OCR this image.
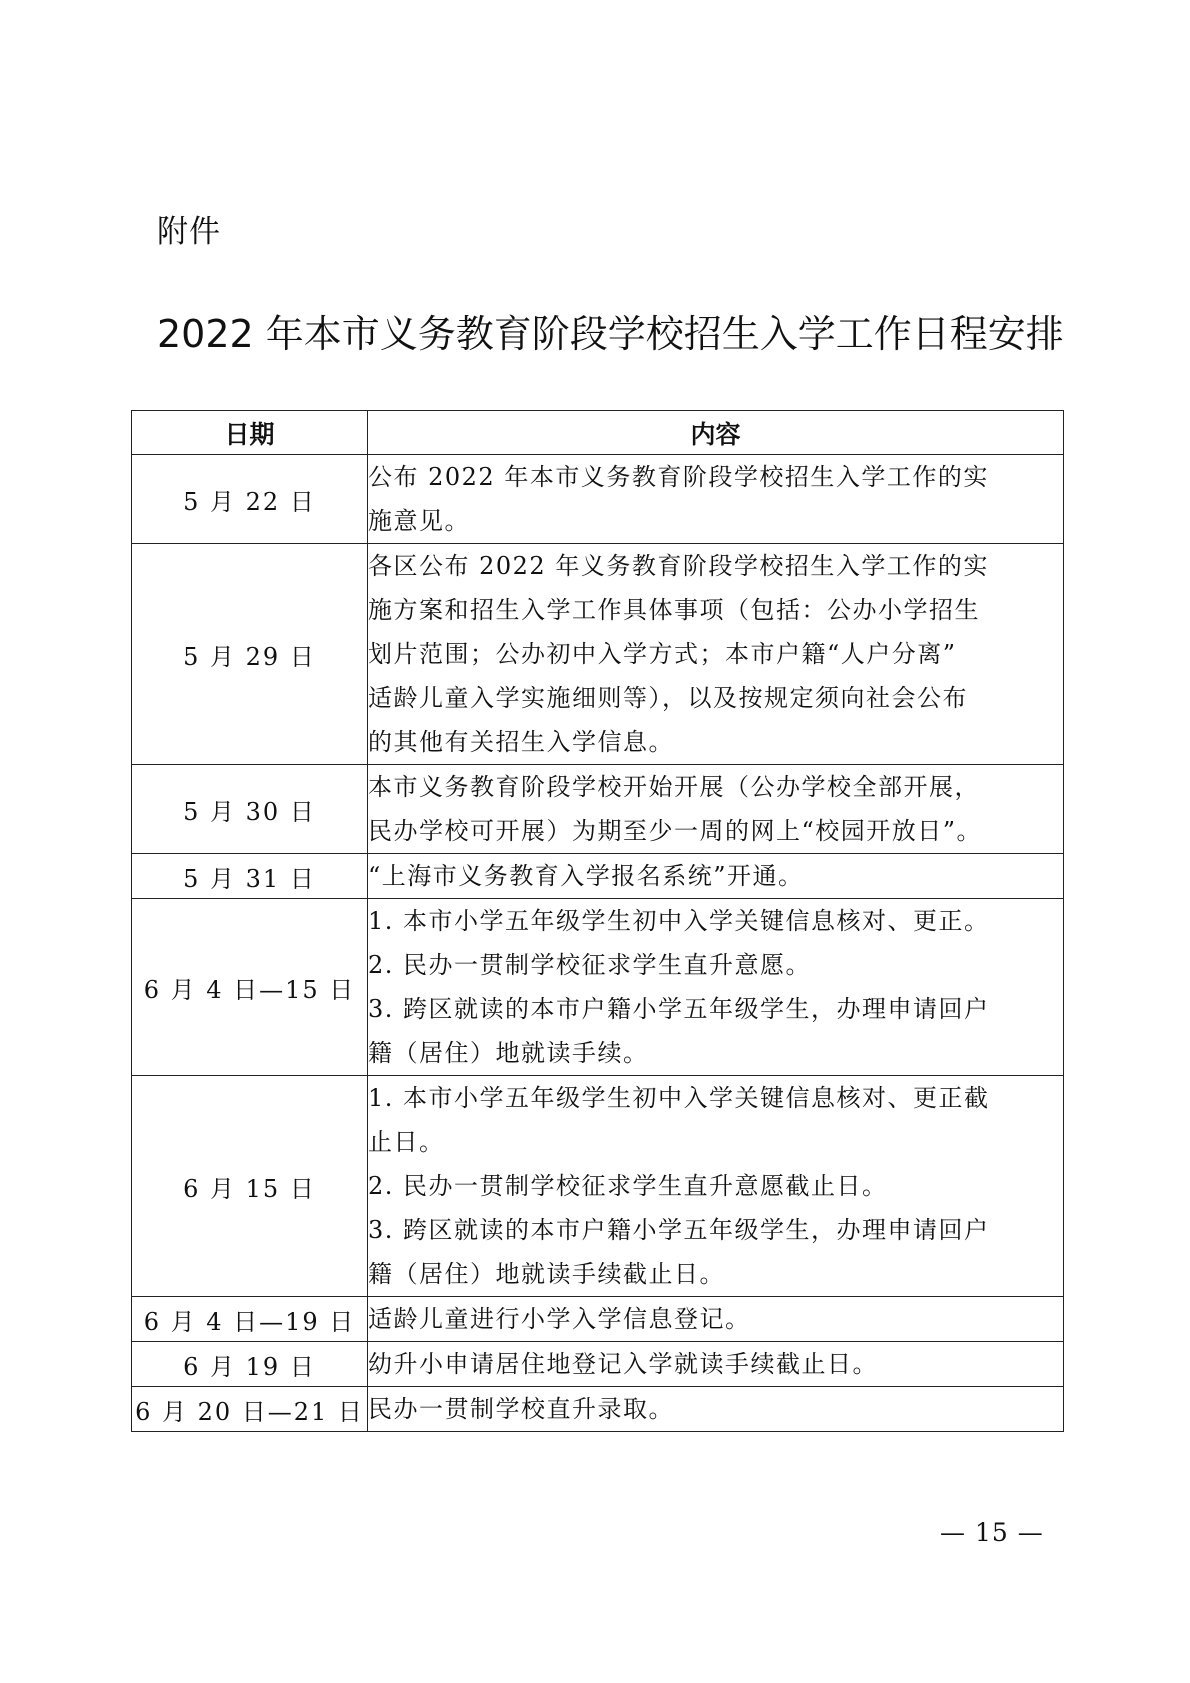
附件
2022 年本市义务教育阶段学校招生入学工作日程安排
日期	内容
5 月 22 日	公布 2022 年本市义务教育阶段学校招生入学工作的实
施意见。

5 月 29 日	各区公布 2022 年义务教育阶段学校招生入学工作的实
施方案和招生入学工作具体事项（包括：公办小学招生
划片范围；公办初中入学方式；本市户籍“人户分离”
适龄儿童入学实施细则等），以及按规定须向社会公布
的其他有关招生入学信息。

5 月 30 日	本市义务教育阶段学校开始开展（公办学校全部开展，
民办学校可开展）为期至少一周的网上“校园开放日”。

5 月 31 日	“上海市义务教育入学报名系统”开通。

6 月 4 日—15 日	1. 本市小学五年级学生初中入学关键信息核对、更正。
2. 民办一贯制学校征求学生直升意愿。
3. 跨区就读的本市户籍小学五年级学生，办理申请回户
籍（居住）地就读手续。

6 月 15 日	1. 本市小学五年级学生初中入学关键信息核对、更正截
止日。
2. 民办一贯制学校征求学生直升意愿截止日。
3. 跨区就读的本市户籍小学五年级学生，办理申请回户
籍（居住）地就读手续截止日。

6 月 4 日—19 日	适龄儿童进行小学入学信息登记。

6 月 19 日	幼升小申请居住地登记入学就读手续截止日。

6 月 20 日—21 日	民办一贯制学校直升录取。
— 15 —
